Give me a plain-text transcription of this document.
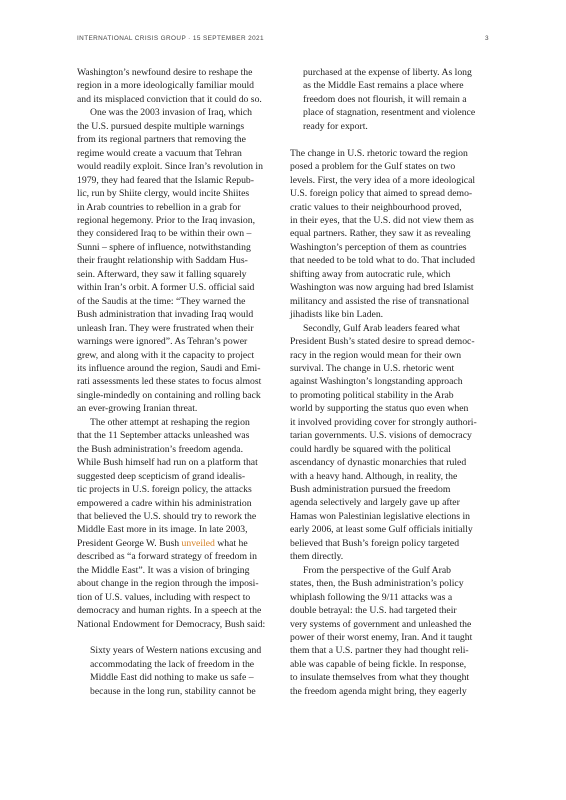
INTERNATIONAL CRISIS GROUP · 15 SEPTEMBER 2021	3

Washington’s newfound desire to reshape the
region in a more ideologically familiar mould
and its misplaced conviction that it could do so.

One was the 2003 invasion of Iraq, which
the U.S. pursued despite multiple warnings
from its regional partners that removing the
regime would create a vacuum that Tehran
would readily exploit. Since Iran’s revolution in
1979, they had feared that the Islamic Repub-
lic, run by Shiite clergy, would incite Shiites
in Arab countries to rebellion in a grab for
regional hegemony. Prior to the Iraq invasion,
they considered Iraq to be within their own –
Sunni – sphere of influence, notwithstanding
their fraught relationship with Saddam Hus-
sein. Afterward, they saw it falling squarely
within Iran’s orbit. A former U.S. official said
of the Saudis at the time: “They warned the
Bush administration that invading Iraq would
unleash Iran. They were frustrated when their
warnings were ignored”. As Tehran’s power
grew, and along with it the capacity to project
its influence around the region, Saudi and Emi-
rati assessments led these states to focus almost
single-mindedly on containing and rolling back
an ever-growing Iranian threat.

The other attempt at reshaping the region
that the 11 September attacks unleashed was
the Bush administration’s freedom agenda.
While Bush himself had run on a platform that
suggested deep scepticism of grand idealis-
tic projects in U.S. foreign policy, the attacks
empowered a cadre within his administration
that believed the U.S. should try to rework the
Middle East more in its image. In late 2003,

President George W. Bush unveiled what he

described as “a forward strategy of freedom in
the Middle East”. It was a vision of bringing
about change in the region through the imposi-
tion of U.S. values, including with respect to
democracy and human rights. In a speech at the
National Endowment for Democracy, Bush said:

Sixty years of Western nations excusing and
accommodating the lack of freedom in the
Middle East did nothing to make us safe –
because in the long run, stability cannot be

purchased at the expense of liberty. As long
as the Middle East remains a place where
freedom does not flourish, it will remain a
place of stagnation, resentment and violence
ready for export.

The change in U.S. rhetoric toward the region
posed a problem for the Gulf states on two
levels. First, the very idea of a more ideological
U.S. foreign policy that aimed to spread demo-
cratic values to their neighbourhood proved,
in their eyes, that the U.S. did not view them as
equal partners. Rather, they saw it as revealing
Washington’s perception of them as countries
that needed to be told what to do. That included
shifting away from autocratic rule, which
Washington was now arguing had bred Islamist
militancy and assisted the rise of transnational
jihadists like bin Laden.

Secondly, Gulf Arab leaders feared what
President Bush’s stated desire to spread democ-
racy in the region would mean for their own
survival. The change in U.S. rhetoric went
against Washington’s longstanding approach
to promoting political stability in the Arab
world by supporting the status quo even when
it involved providing cover for strongly authori-
tarian governments. U.S. visions of democracy
could hardly be squared with the political
ascendancy of dynastic monarchies that ruled
with a heavy hand. Although, in reality, the
Bush administration pursued the freedom
agenda selectively and largely gave up after
Hamas won Palestinian legislative elections in
early 2006, at least some Gulf officials initially
believed that Bush’s foreign policy targeted
them directly.

From the perspective of the Gulf Arab
states, then, the Bush administration’s policy
whiplash following the 9/11 attacks was a
double betrayal: the U.S. had targeted their
very systems of government and unleashed the
power of their worst enemy, Iran. And it taught
them that a U.S. partner they had thought reli-
able was capable of being fickle. In response,
to insulate themselves from what they thought
the freedom agenda might bring, they eagerly
